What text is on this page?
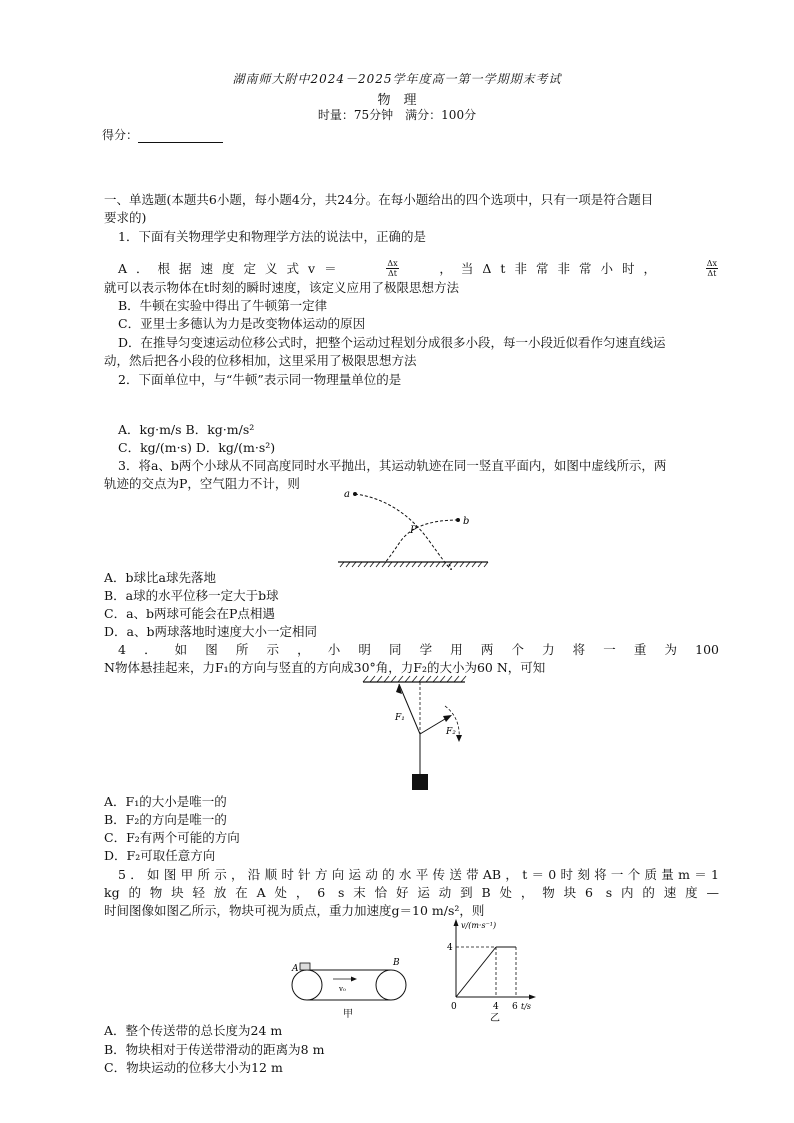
湖南师大附中2024－2025学年度高一第一学期期末考试
物　理
时量：75分钟　满分：100分
得分：
一、单选题(本题共6小题，每小题4分，共24分。在每小题给出的四个选项中，只有一项是符合题目
要求的)
1．下面有关物理学史和物理学方法的说法中，正确的是
A．根据速度定义式v＝	$\frac{\Delta x}{\Delta t}$	，当Δt非常非常小时，	$\frac{\Delta x}{\Delta t}$
就可以表示物体在t时刻的瞬时速度，该定义应用了极限思想方法
B．牛顿在实验中得出了牛顿第一定律
C．亚里士多德认为力是改变物体运动的原因
D．在推导匀变速运动位移公式时，把整个运动过程划分成很多小段，每一小段近似看作匀速直线运
动，然后把各小段的位移相加，这里采用了极限思想方法
2．下面单位中，与“牛顿”表示同一物理量单位的是
A．kg·m/s B．kg·m/s²
C．kg/(m·s) D．kg/(m·s²)
3．将a、b两个小球从不同高度同时水平抛出，其运动轨迹在同一竖直平面内，如图中虚线所示，两
轨迹的交点为P，空气阻力不计，则
a
b
P
A．b球比a球先落地
B．a球的水平位移一定大于b球
C．a、b两球可能会在P点相遇
D．a、b两球落地时速度大小一定相同
4．如图所示，小明同学用两个力将一重为100
N物体悬挂起来，力F₁的方向与竖直的方向成30°角，力F₂的大小为60 N，可知
F₁
F₂
A．F₁的大小是唯一的
B．F₂的方向是唯一的
C．F₂有两个可能的方向
D．F₂可取任意方向
5．如图甲所示，沿顺时针方向运动的水平传送带AB，t＝0时刻将一个质量m＝1
kg的物块轻放在A处，6 s末恰好运动到B处，物块6 s内的速度—
时间图像如图乙所示，物块可视为质点，重力加速度g＝10 m/s²，则
A
B
v₀
甲
v/(m·s⁻¹)
t/s
4
0	4 6
乙
A．整个传送带的总长度为24 m
B．物块相对于传送带滑动的距离为8 m
C．物块运动的位移大小为12 m
